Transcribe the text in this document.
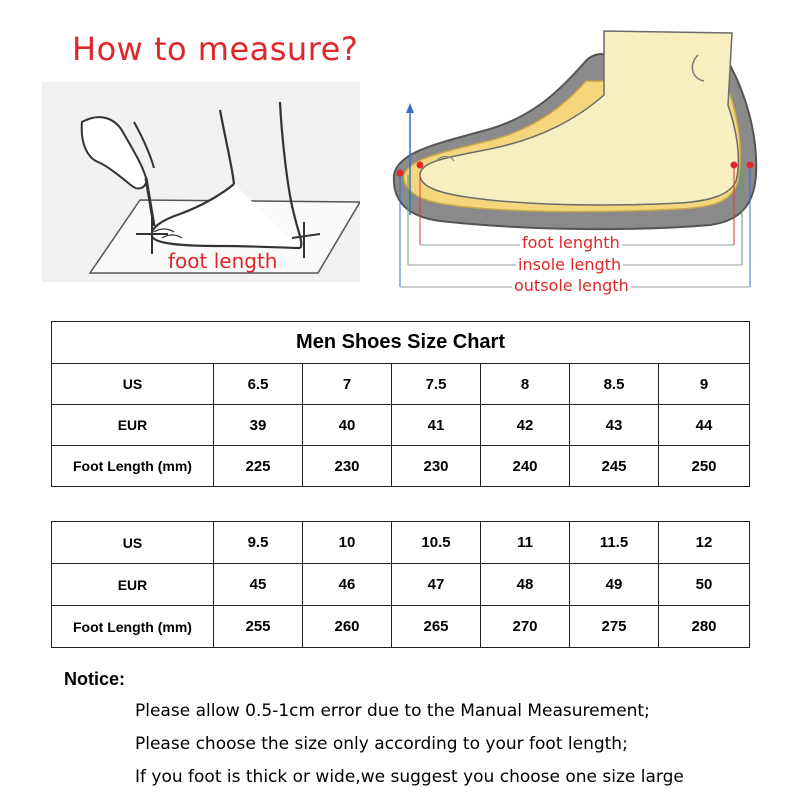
How to measure?
foot length
foot lenghth
insole length
outsole length
Men Shoes Size Chart						
US	6.5	7	7.5	8	8.5	9
EUR	39	40	41	42	43	44
Foot Length (mm)	225	230	230	240	245	250
US	9.5	10	10.5	11	11.5	12
EUR	45	46	47	48	49	50
Foot Length (mm)	255	260	265	270	275	280
Notice:
Please allow 0.5-1cm error due to the Manual Measurement;
Please choose the size only according to your foot length;
If you foot is thick or wide,we suggest you choose one size large
